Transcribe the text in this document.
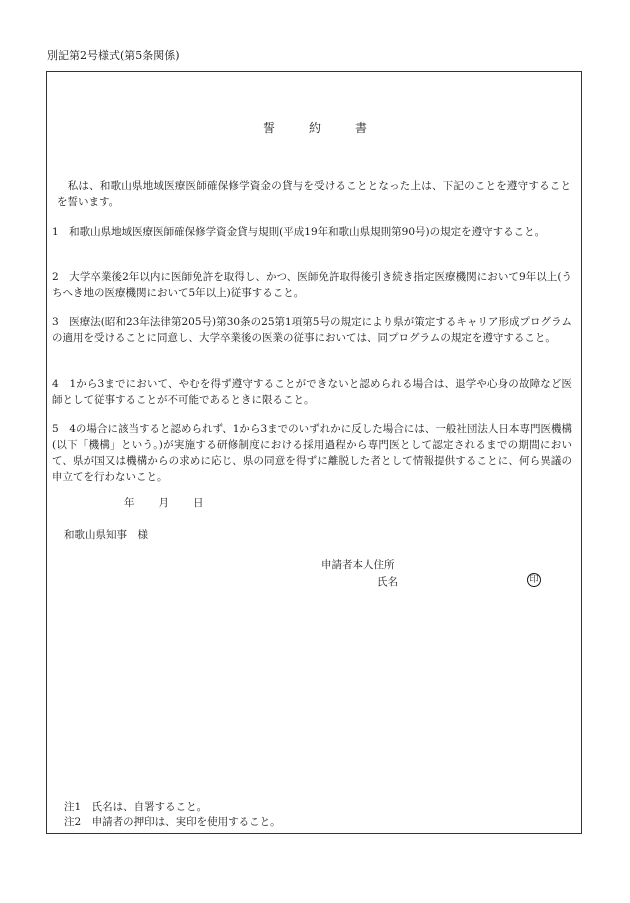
別記第2号様式(第5条関係)
誓	約	書
　私は、和歌山県地域医療医師確保修学資金の貸与を受けることとなった上は、下記のことを遵守することを誓います。
1　和歌山県地域医療医師確保修学資金貸与規則(平成19年和歌山県規則第90号)の規定を遵守すること。
2　大学卒業後2年以内に医師免許を取得し、かつ、医師免許取得後引き続き指定医療機関において9年以上(うちへき地の医療機関において5年以上)従事すること。
3　医療法(昭和23年法律第205号)第30条の25第1項第5号の規定により県が策定するキャリア形成プログラムの適用を受けることに同意し、大学卒業後の医業の従事においては、同プログラムの規定を遵守すること。
4　1から3までにおいて、やむを得ず遵守することができないと認められる場合は、退学や心身の故障など医師として従事することが不可能であるときに限ること。
5　4の場合に該当すると認められず、1から3までのいずれかに反した場合には、一般社団法人日本専門医機構(以下「機構」という。)が実施する研修制度における採用過程から専門医として認定されるまでの期間において、県が国又は機構からの求めに応じ、県の同意を得ずに離脱した者として情報提供することに、何ら異議の申立てを行わないこと。
年 月 日
和歌山県知事　様
申請者本人住所
氏名	印
注1　氏名は、自署すること。
注2　申請者の押印は、実印を使用すること。
